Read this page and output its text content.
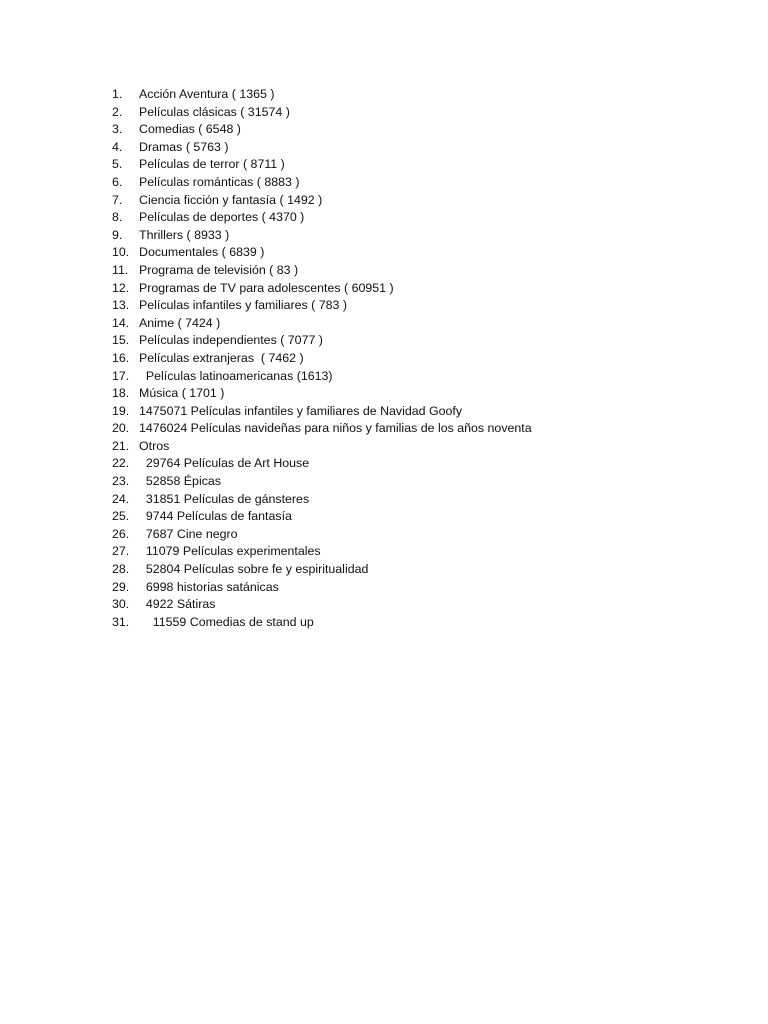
1.	Acción Aventura ( 1365 )
2.	Películas clásicas ( 31574 )
3.	Comedias ( 6548 )
4.	Dramas ( 5763 )
5.	Películas de terror ( 8711 )
6.	Películas románticas ( 8883 )
7.	Ciencia ficción y fantasía ( 1492 )
8.	Películas de deportes ( 4370 )
9.	Thrillers ( 8933 )
10. Documentales ( 6839 )
11. Programa de televisión ( 83 )
12. Programas de TV para adolescentes ( 60951 )
13. Películas infantiles y familiares ( 783 )
14. Anime ( 7424 )
15. Películas independientes ( 7077 )
16. Películas extranjeras  ( 7462 )
17. Películas latinoamericanas (1613)
18. Música ( 1701 )
19. 1475071 Películas infantiles y familiares de Navidad Goofy
20. 1476024 Películas navideñas para niños y familias de los años noventa
21. Otros
22. 29764 Películas de Art House
23. 52858 Épicas
24. 31851 Películas de gánsteres
25. 9744 Películas de fantasía
26. 7687 Cine negro
27. 11079 Películas experimentales
28. 52804 Películas sobre fe y espiritualidad
29. 6998 historias satánicas
30. 4922 Sátiras
31. 11559 Comedias de stand up
